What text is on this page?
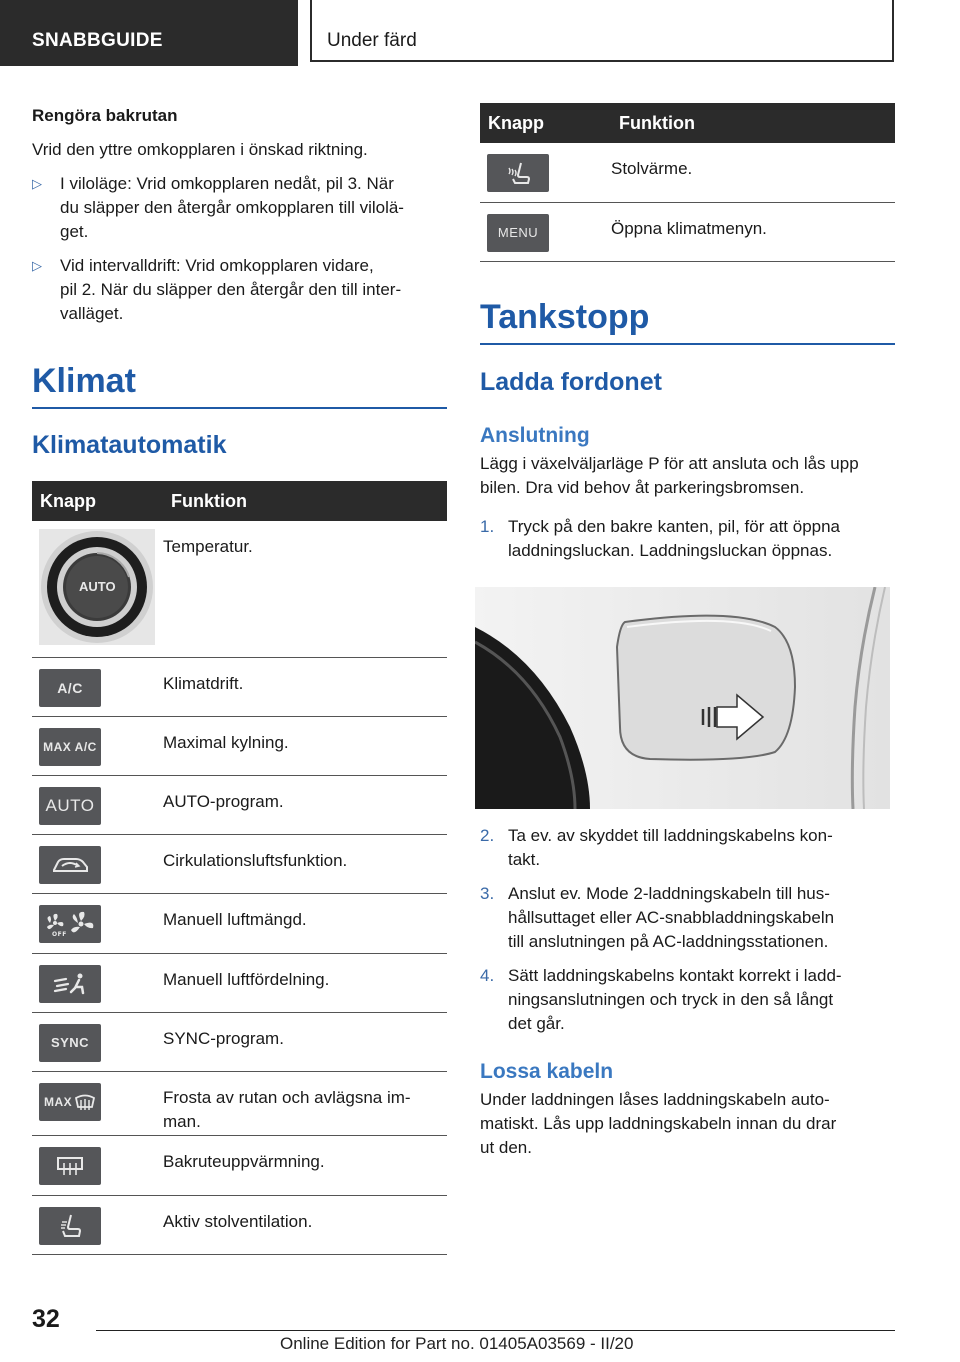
SNABBGUIDE	Under färd

Rengöra bakrutan

Vrid den yttre omkopplaren i önskad riktning.

▷ I viloläge: Vrid omkopplaren nedåt, pil 3. När
du släpper den återgår omkopplaren till vilolä-
get.
▷ Vid intervalldrift: Vrid omkopplaren vidare,
pil 2. När du släpper den återgår den till inter-
valläget.
Klimat
Klimatautomatik
Knapp	Funktion

AUTO	Temperatur.

A/C	Klimatdrift.

MAX A/C	Maximal kylning.

AUTO	AUTO-program.

Cirkulationsluftsfunktion.

OFF	Manuell luftmängd.

Manuell luftfördelning.

SYNC	SYNC-program.

MAX	Frosta av rutan och avlägsna im-
man.

Bakruteuppvärmning.

Aktiv stolventilation.
Knapp	Funktion

Stolvärme.

MENU	Öppna klimatmenyn.
Tankstopp
Ladda fordonet
Anslutning

Lägg i växelväljarläge P för att ansluta och lås upp
bilen. Dra vid behov åt parkeringsbromsen.

1. Tryck på den bakre kanten, pil, för att öppna
laddningsluckan. Laddningsluckan öppnas.
2. Ta ev. av skyddet till laddningskabelns kon-
takt.
3. Anslut ev. Mode 2-laddningskabeln till hus-
hållsuttaget eller AC-snabbladdningskabeln
till anslutningen på AC-laddningsstationen.
4. Sätt laddningskabelns kontakt korrekt i ladd-
ningsanslutningen och tryck in den så långt
det går.
Lossa kabeln

Under laddningen låses laddningskabeln auto-
matiskt. Lås upp laddningskabeln innan du drar
ut den.

32
Online Edition for Part no. 01405A03569 - II/20
